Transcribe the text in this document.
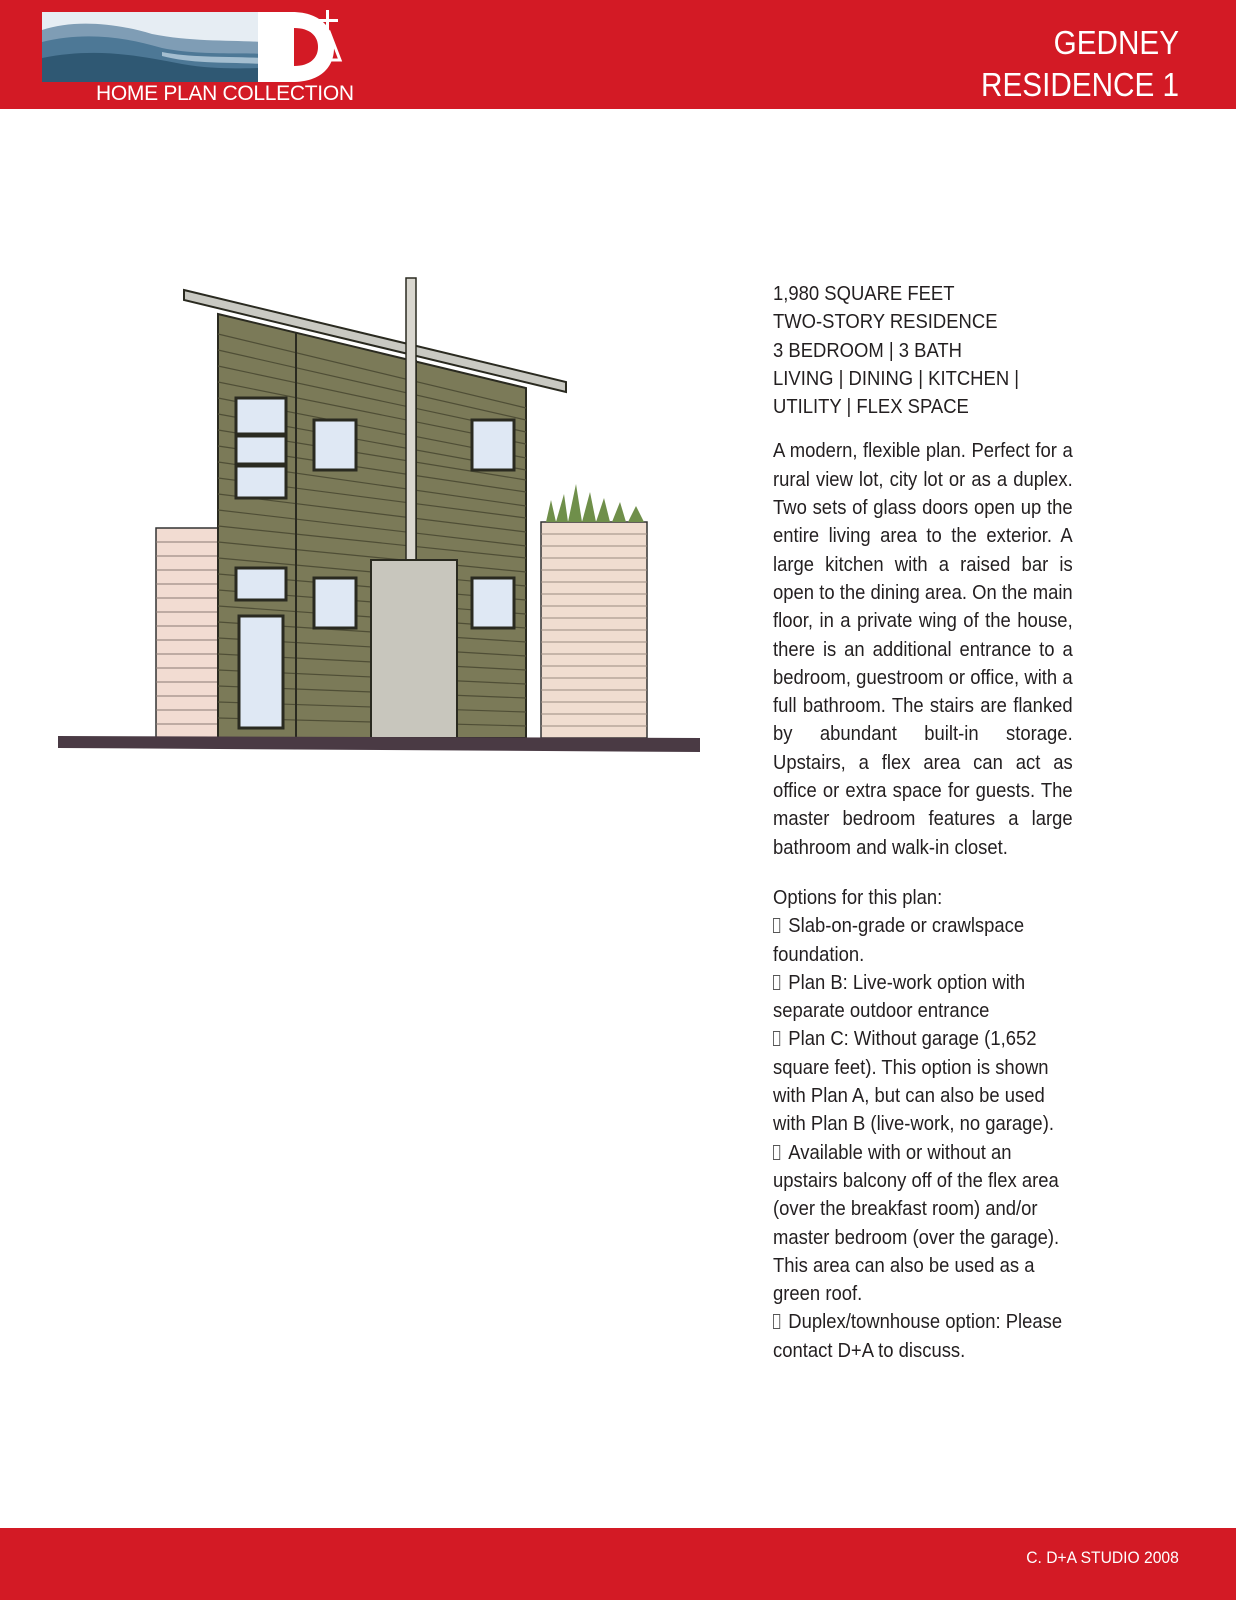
HOME PLAN COLLECTION
GEDNEY
RESIDENCE 1
1,980 SQUARE FEET
TWO-STORY RESIDENCE
3 BEDROOM | 3 BATH
LIVING | DINING | KITCHEN |
UTILITY | FLEX SPACE

A modern, flexible plan. Perfect for a rural view lot, city lot or as a duplex. Two sets of glass doors open up the entire living area to the exterior. A large kitchen with a raised bar is open to the dining area. On the main floor, in a private wing of the house, there is an additional entrance to a bedroom, guestroom or office, with a full bathroom. The stairs are flanked by abundant built-in storage. Upstairs, a flex area can act as office or extra space for guests. The master bedroom features a large bathroom and walk-in closet.

Options for this plan:
Slab-on-grade or crawlspace foundation.
Plan B: Live-work option with separate outdoor entrance
Plan C: Without garage (1,652 square feet). This option is shown with Plan A, but can also be used with Plan B (live-work, no garage).
Available with or without an upstairs balcony off of the flex area (over the breakfast room) and/or master bedroom (over the garage). This area can also be used as a green roof.
Duplex/townhouse option: Please contact D+A to discuss.
C. D+A STUDIO 2008
